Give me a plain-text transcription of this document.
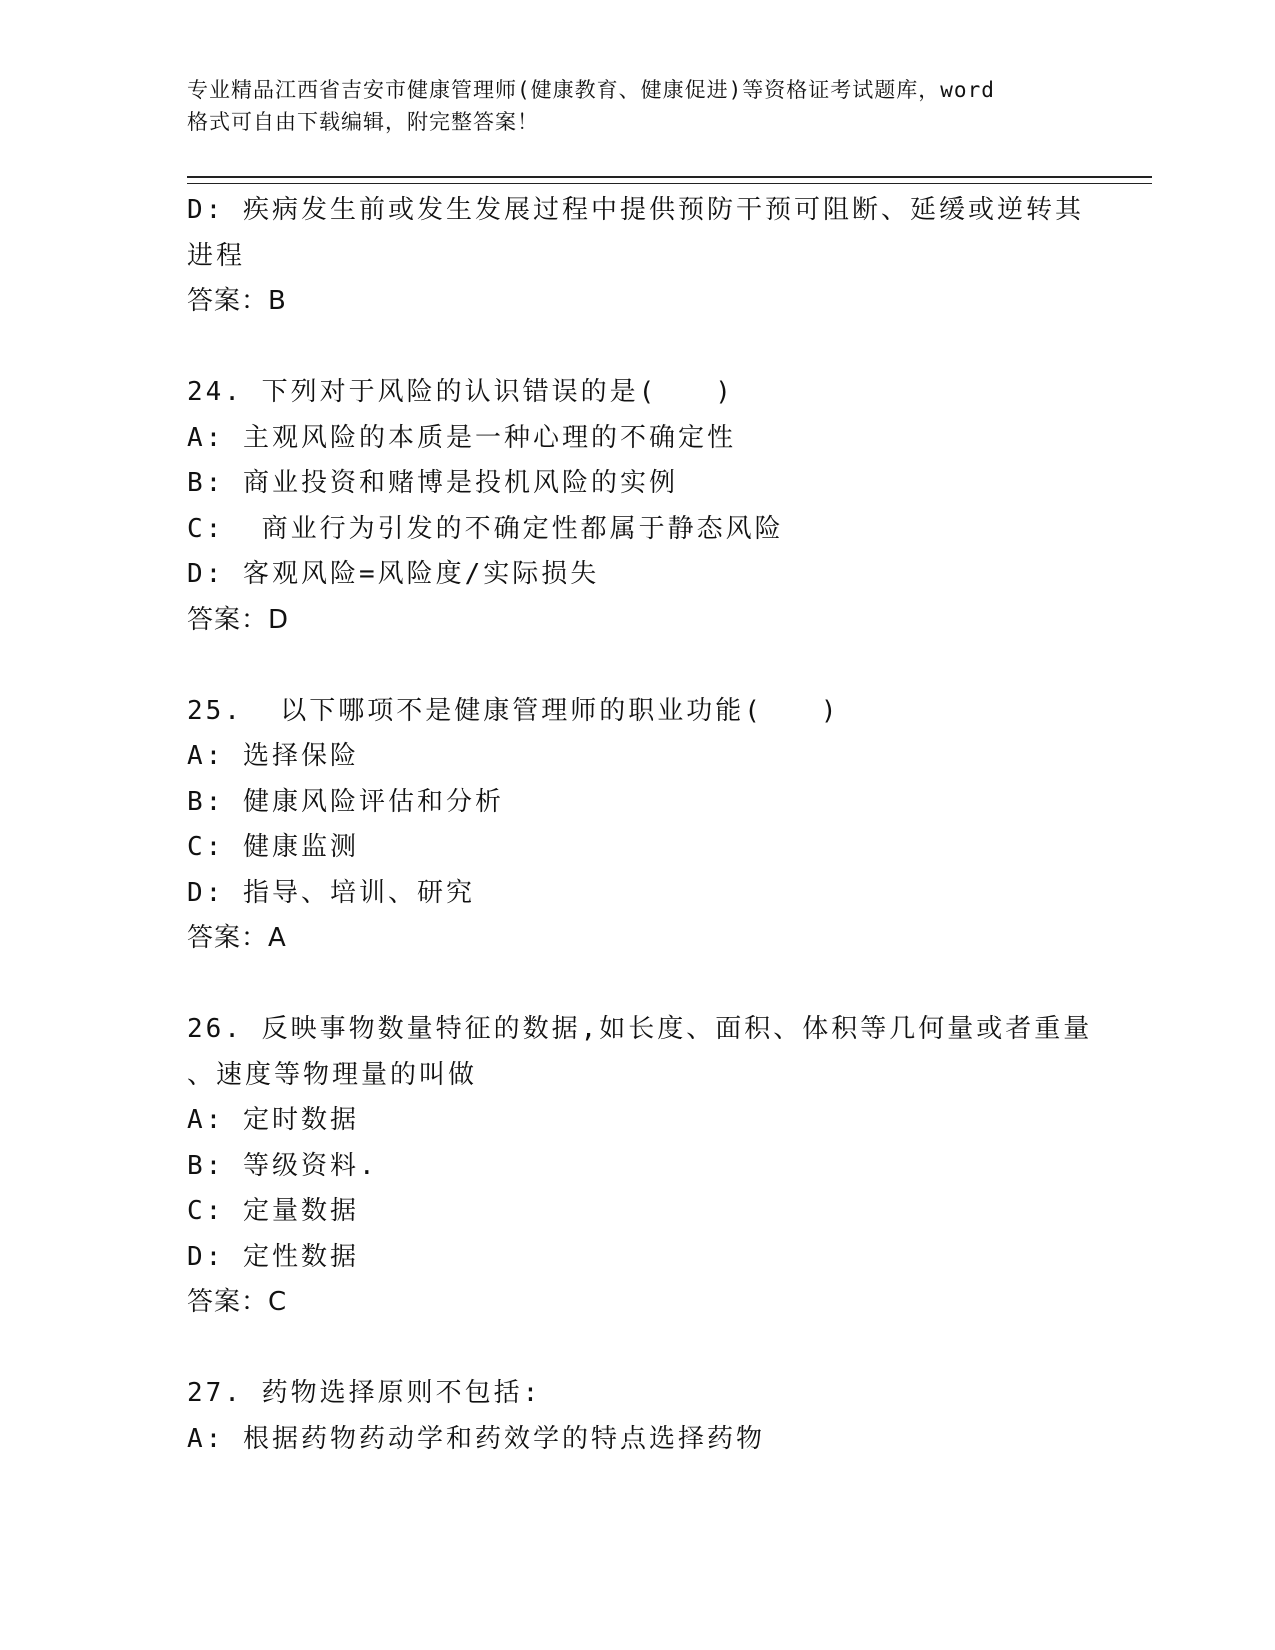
专业精品江西省吉安市健康管理师(健康教育、健康促进)等资格证考试题库，word
格式可自由下载编辑，附完整答案！
D: 疾病发生前或发生发展过程中提供预防干预可阻断、延缓或逆转其
进程
答案：B
24. 下列对于风险的认识错误的是(　　)
A: 主观风险的本质是一种心理的不确定性
B: 商业投资和赌博是投机风险的实例
C:  商业行为引发的不确定性都属于静态风险
D: 客观风险=风险度/实际损失
答案：D
25.  以下哪项不是健康管理师的职业功能(　　)
A: 选择保险
B: 健康风险评估和分析
C: 健康监测
D: 指导、培训、研究
答案：A
26. 反映事物数量特征的数据,如长度、面积、体积等几何量或者重量
、速度等物理量的叫做
A: 定时数据
B: 等级资料.
C: 定量数据
D: 定性数据
答案：C
27. 药物选择原则不包括:
A: 根据药物药动学和药效学的特点选择药物
